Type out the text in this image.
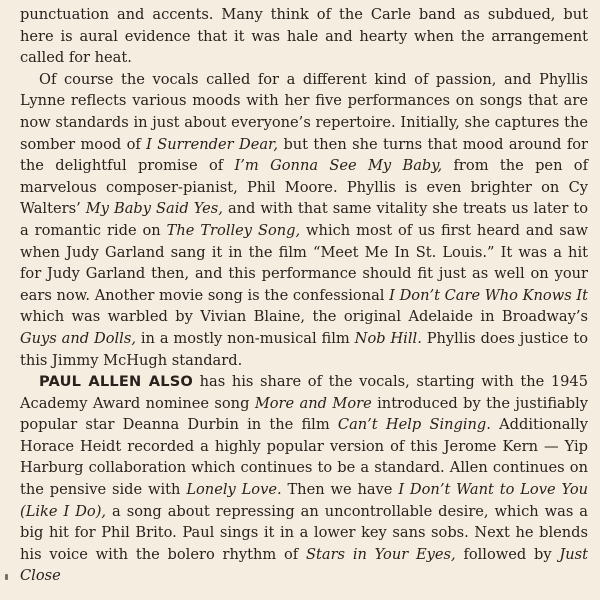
punctuation and accents. Many think of the Carle band as subdued, but here is aural evidence that it was hale and hearty when the arrangement called for heat.

Of course the vocals called for a different kind of passion, and Phyllis Lynne reflects various moods with her five performances on songs that are now standards in just about everyone’s repertoire. Initially, she captures the somber mood of I Surrender Dear, but then she turns that mood around for the delightful promise of I’m Gonna See My Baby, from the pen of marvelous composer-pianist, Phil Moore. Phyllis is even brighter on Cy Walters’ My Baby Said Yes, and with that same vitality she treats us later to a romantic ride on The Trolley Song, which most of us first heard and saw when Judy Garland sang it in the film “Meet Me In St. Louis.” It was a hit for Judy Garland then, and this performance should fit just as well on your ears now. Another movie song is the confessional I Don’t Care Who Knows It which was warbled by Vivian Blaine, the original Adelaide in Broadway’s Guys and Dolls, in a mostly non-musical film Nob Hill. Phyllis does justice to this Jimmy McHugh standard.

PAUL ALLEN ALSO has his share of the vocals, starting with the 1945 Academy Award nominee song More and More introduced by the justifiably popular star Deanna Durbin in the film Can’t Help Singing. Additionally Horace Heidt recorded a highly popular version of this Jerome Kern — Yip Harburg collaboration which continues to be a standard. Allen continues on the pensive side with Lonely Love. Then we have I Don’t Want to Love You (Like I Do), a song about repressing an uncontrollable desire, which was a big hit for Phil Brito. Paul sings it in a lower key sans sobs. Next he blends his voice with the bolero rhythm of Stars in Your Eyes, followed by Just Close
